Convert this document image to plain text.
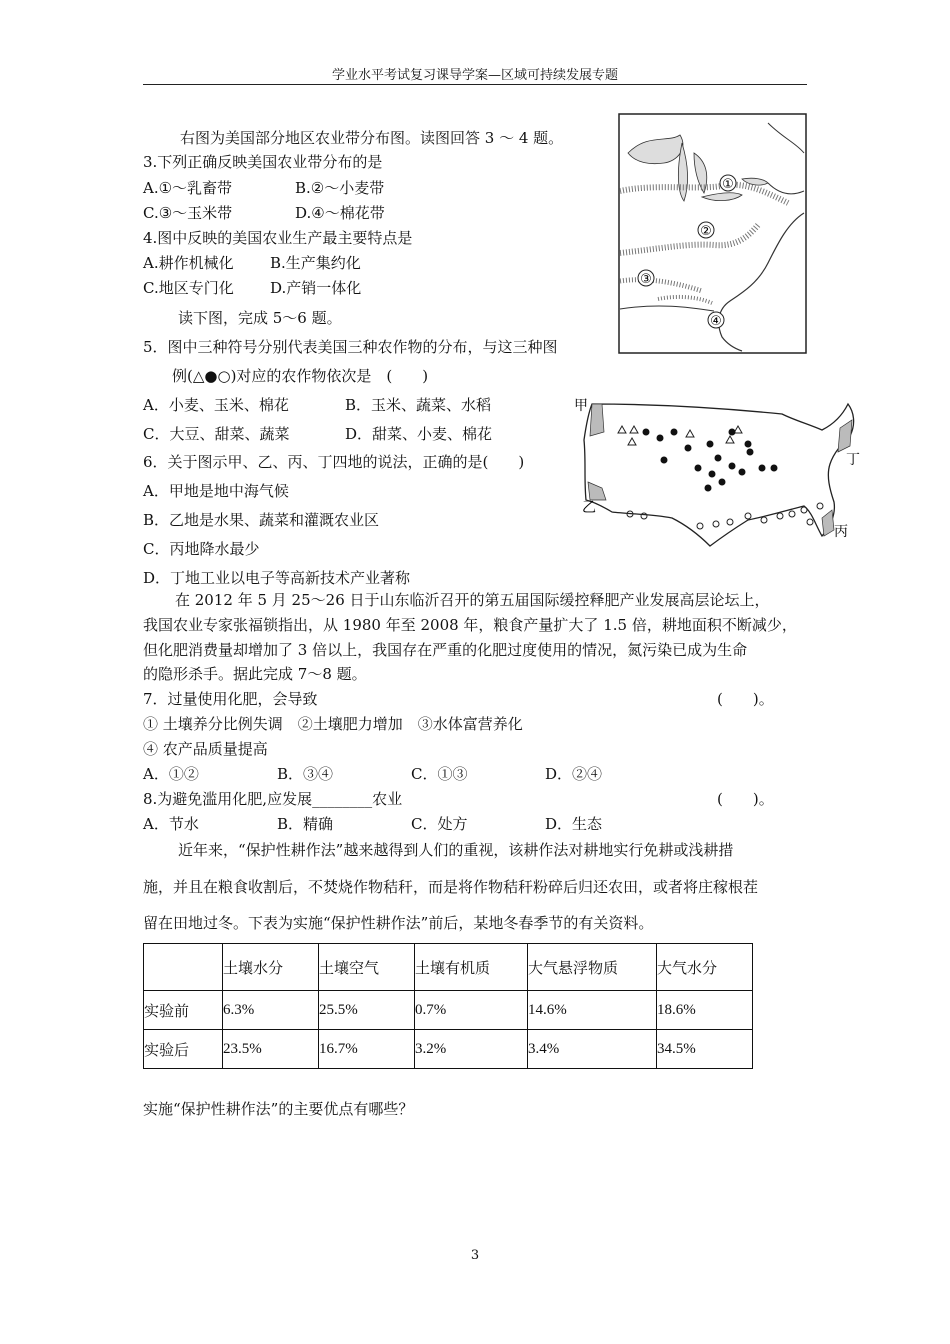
学业水平考试复习课导学案—区域可持续发展专题
①
②
③
④
甲
乙
丙
丁
右图为美国部分地区农业带分布图。读图回答 3 ～ 4 题。
3.下列正确反映美国农业带分布的是
A.①～乳畜带	B.②～小麦带
C.③～玉米带	D.④～棉花带
4.图中反映的美国农业生产最主要特点是
A.耕作机械化 B.生产集约化
C.地区专门化 D.产销一体化
读下图，完成 5～6 题。
5．图中三种符号分别代表美国三种农作物的分布，与这三种图
例(△●○)对应的农作物依次是　(　　)
A．小麦、玉米、棉花	B．玉米、蔬菜、水稻
C．大豆、甜菜、蔬菜	D．甜菜、小麦、棉花
6．关于图示甲、乙、丙、丁四地的说法，正确的是(　　)
A．甲地是地中海气候
B．乙地是水果、蔬菜和灌溉农业区
C．丙地降水最少
D．丁地工业以电子等高新技术产业著称
在 2012 年 5 月 25～26 日于山东临沂召开的第五届国际缓控释肥产业发展高层论坛上，
我国农业专家张福锁指出，从 1980 年至 2008 年，粮食产量扩大了 1.5 倍，耕地面积不断减少，
但化肥消费量却增加了 3 倍以上，我国存在严重的化肥过度使用的情况，氮污染已成为生命
的隐形杀手。据此完成 7～8 题。
7．过量使用化肥，会导致	(　　)。
① 土壤养分比例失调　②土壤肥力增加　③水体富营养化
④ 农产品质量提高
A．①②	B．③④	C．①③	D．②④
8.为避免滥用化肥,应发展________农业	(　　)。
A．节水	B．精确	C．处方	D．生态
近年来，“保护性耕作法”越来越得到人们的重视，该耕作法对耕地实行免耕或浅耕措
施，并且在粮食收割后，不焚烧作物秸秆，而是将作物秸秆粉碎后归还农田，或者将庄稼根茬
留在田地过冬。下表为实施“保护性耕作法”前后，某地冬春季节的有关资料。
	土壤水分	土壤空气	土壤有机质	大气悬浮物质	大气水分
实验前	6.3%	25.5%	0.7%	14.6%	18.6%
实验后	23.5%	16.7%	3.2%	3.4%	34.5%
实施“保护性耕作法”的主要优点有哪些？
3
